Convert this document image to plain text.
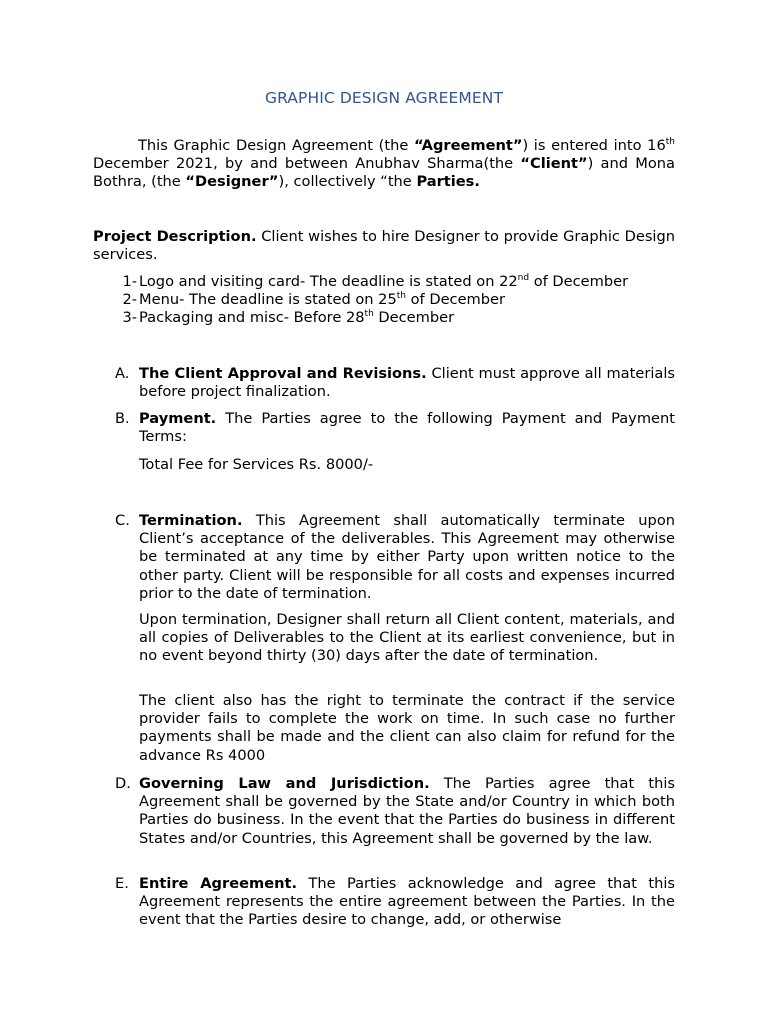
GRAPHIC DESIGN AGREEMENT
This Graphic Design Agreement (the “Agreement”) is entered into 16th December 2021, by and between Anubhav Sharma(the “Client”) and Mona Bothra, (the “Designer”), collectively “the Parties.
Project Description. Client wishes to hire Designer to provide Graphic Design services.
1- Logo and visiting card- The deadline is stated on 22nd of December
2- Menu- The deadline is stated on 25th of December
3- Packaging and misc- Before 28th December
A. The Client Approval and Revisions. Client must approve all materials before project finalization.

B. Payment. The Parties agree to the following Payment and Payment Terms:

Total Fee for Services Rs. 8000/-

C. Termination. This Agreement shall automatically terminate upon Client’s acceptance of the deliverables. This Agreement may otherwise be terminated at any time by either Party upon written notice to the other party. Client will be responsible for all costs and expenses incurred prior to the date of termination.

Upon termination, Designer shall return all Client content, materials, and all copies of Deliverables to the Client at its earliest convenience, but in no event beyond thirty (30) days after the date of termination.

The client also has the right to terminate the contract if the service provider fails to complete the work on time. In such case no further payments shall be made and the client can also claim for refund for the advance Rs 4000

D. Governing Law and Jurisdiction. The Parties agree that this Agreement shall be governed by the State and/or Country in which both Parties do business. In the event that the Parties do business in different States and/or Countries, this Agreement shall be governed by the law.

E. Entire Agreement. The Parties acknowledge and agree that this Agreement represents the entire agreement between the Parties. In the event that the Parties desire to change, add, or otherwise
